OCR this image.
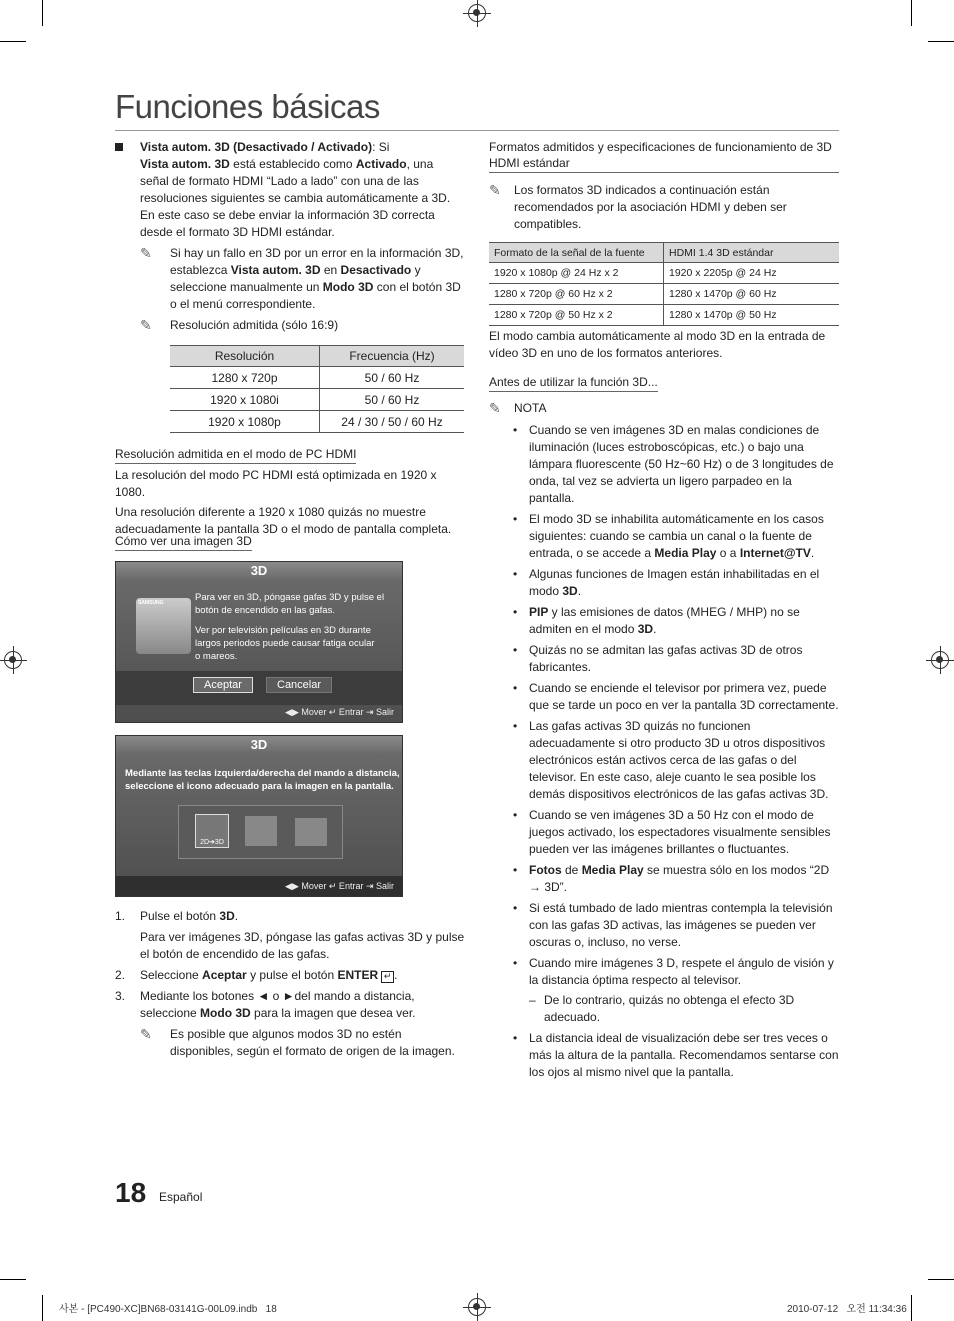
Funciones básicas
Vista autom. 3D (Desactivado / Activado): Si
Vista autom. 3D está establecido como Activado, una señal de formato HDMI “Lado a lado” con una de las resoluciones siguientes se cambia automáticamente a 3D. En este caso se debe enviar la información 3D correcta desde el formato 3D HDMI estándar.
✎	Si hay un fallo en 3D por un error en la información 3D, establezca Vista autom. 3D en Desactivado y seleccione manualmente un Modo 3D con el botón 3D o el menú correspondiente.
✎	Resolución admitida (sólo 16:9)
Resolución	Frecuencia (Hz)
1280 x 720p	50 / 60 Hz
1920 x 1080i	50 / 60 Hz
1920 x 1080p	24 / 30 / 50 / 60 Hz
Resolución admitida en el modo de PC HDMI
La resolución del modo PC HDMI está optimizada en 1920 x 1080.
Una resolución diferente a 1920 x 1080 quizás no muestre adecuadamente la pantalla 3D o el modo de pantalla completa.
Cómo ver una imagen 3D
3D
SAMSUNG	Para ver en 3D, póngase gafas 3D y pulse el botón de encendido en las gafas.
Ver por televisión películas en 3D durante largos periodos puede causar fatiga ocular o mareos.
Aceptar	Cancelar
◀▶ Mover ↵ Entrar ⇥ Salir
3D
Mediante las teclas izquierda/derecha del mando a distancia, seleccione el icono adecuado para la imagen en la pantalla.
2D➔3D
◀▶ Mover ↵ Entrar ⇥ Salir
1. Pulse el botón 3D.
Para ver imágenes 3D, póngase las gafas activas 3D y pulse el botón de encendido de las gafas.
2. Seleccione Aceptar y pulse el botón ENTER ↵ .
3. Mediante los botones ◄ o ►del mando a distancia, seleccione Modo 3D para la imagen que desea ver.
✎	Es posible que algunos modos 3D no estén disponibles, según el formato de origen de la imagen.
Formatos admitidos y especificaciones de funcionamiento de 3D HDMI estándar
✎	Los formatos 3D indicados a continuación están recomendados por la asociación HDMI y deben ser compatibles.
Formato de la señal de la fuente	HDMI 1.4 3D estándar
1920 x 1080p @ 24 Hz x 2	1920 x 2205p @ 24 Hz
1280 x 720p @ 60 Hz x 2	1280 x 1470p @ 60 Hz
1280 x 720p @ 50 Hz x 2	1280 x 1470p @ 50 Hz
El modo cambia automáticamente al modo 3D en la entrada de vídeo 3D en uno de los formatos anteriores.
Antes de utilizar la función 3D...
✎	NOTA
• Cuando se ven imágenes 3D en malas condiciones de iluminación (luces estroboscópicas, etc.) o bajo una lámpara fluorescente (50 Hz~60 Hz) o de 3 longitudes de onda, tal vez se advierta un ligero parpadeo en la pantalla.
• El modo 3D se inhabilita automáticamente en los casos siguientes: cuando se cambia un canal o la fuente de entrada, o se accede a Media Play o a Internet@TV.
• Algunas funciones de Imagen están inhabilitadas en el modo 3D.
• PIP y las emisiones de datos (MHEG / MHP) no se admiten en el modo 3D.
• Quizás no se admitan las gafas activas 3D de otros fabricantes.
• Cuando se enciende el televisor por primera vez, puede que se tarde un poco en ver la pantalla 3D correctamente.
• Las gafas activas 3D quizás no funcionen adecuadamente si otro producto 3D u otros dispositivos electrónicos están activos cerca de las gafas o del televisor. En este caso, aleje cuanto le sea posible los demás dispositivos electrónicos de las gafas activas 3D.
• Cuando se ven imágenes 3D a 50 Hz con el modo de juegos activado, los espectadores visualmente sensibles pueden ver las imágenes brillantes o fluctuantes.
• Fotos de Media Play se muestra sólo en los modos “2D → 3D”.
• Si está tumbado de lado mientras contempla la televisión con las gafas 3D activas, las imágenes se pueden ver oscuras o, incluso, no verse.
• Cuando mire imágenes 3 D, respete el ángulo de visión y la distancia óptima respecto al televisor.
– De lo contrario, quizás no obtenga el efecto 3D adecuado.
• La distancia ideal de visualización debe ser tres veces o más la altura de la pantalla. Recomendamos sentarse con los ojos al mismo nivel que la pantalla.
18 Español
사본 - [PC490-XC]BN68-03141G-00L09.indb   18	2010-07-12   오전 11:34:36
